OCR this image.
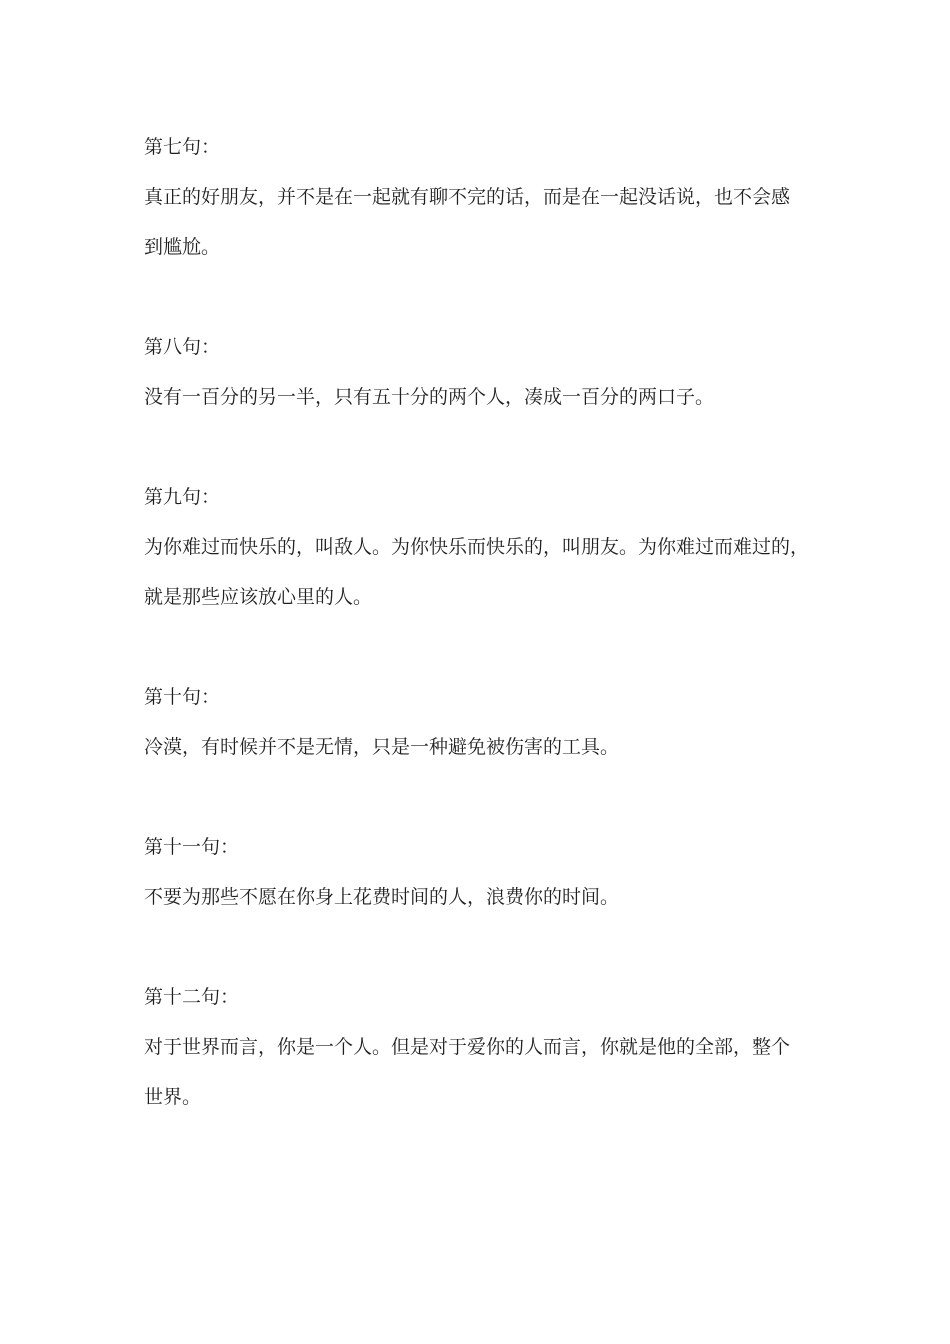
第七句：

真正的好朋友，并不是在一起就有聊不完的话，而是在一起没话说，也不会感

到尴尬。

第八句：

没有一百分的另一半，只有五十分的两个人，凑成一百分的两口子。

第九句：

为你难过而快乐的，叫敌人。为你快乐而快乐的，叫朋友。为你难过而难过的，

就是那些应该放心里的人。

第十句：

冷漠，有时候并不是无情，只是一种避免被伤害的工具。

第十一句：

不要为那些不愿在你身上花费时间的人，浪费你的时间。

第十二句：

对于世界而言，你是一个人。但是对于爱你的人而言，你就是他的全部，整个

世界。
